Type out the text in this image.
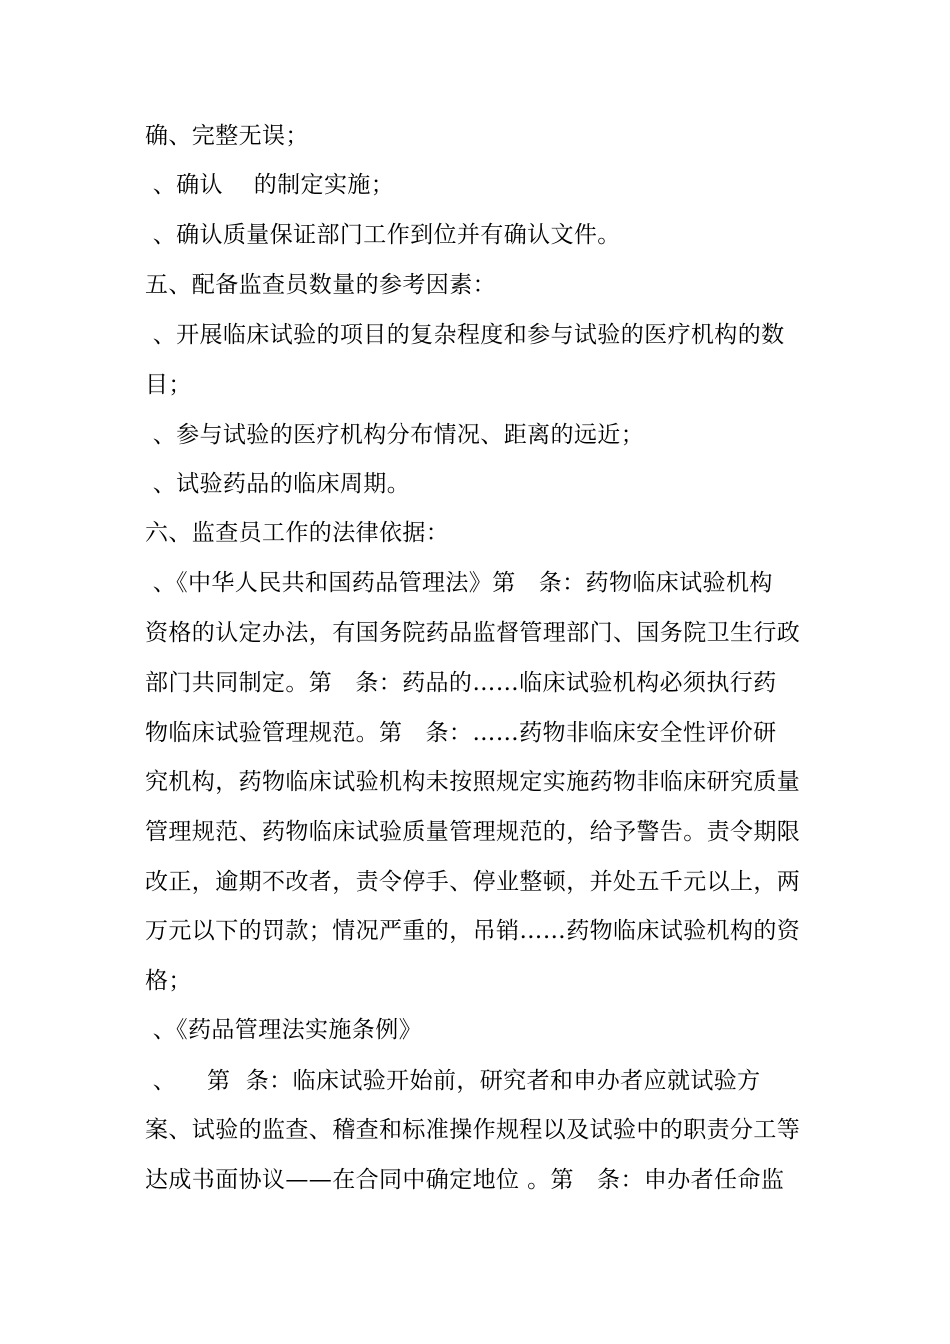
确、完整无误；
、确认    的制定实施；
、确认质量保证部门工作到位并有确认文件。
五、配备监查员数量的参考因素：
、开展临床试验的项目的复杂程度和参与试验的医疗机构的数
目；
、参与试验的医疗机构分布情况、距离的远近；
、试验药品的临床周期。
六、监查员工作的法律依据：
、《中华人民共和国药品管理法》第   条：药物临床试验机构
资格的认定办法，有国务院药品监督管理部门、国务院卫生行政
部门共同制定。第   条：药品的……临床试验机构必须执行药
物临床试验管理规范。第   条：……药物非临床安全性评价研
究机构，药物临床试验机构未按照规定实施药物非临床研究质量
管理规范、药物临床试验质量管理规范的，给予警告。责令期限
改正，逾期不改者，责令停手、停业整顿，并处五千元以上，两
万元以下的罚款；情况严重的，吊销……药物临床试验机构的资
格；
、《药品管理法实施条例》
、    第  条：临床试验开始前，研究者和申办者应就试验方
案、试验的监查、稽查和标准操作规程以及试验中的职责分工等
达成书面协议——在合同中确定地位 。第   条：申办者任命监
